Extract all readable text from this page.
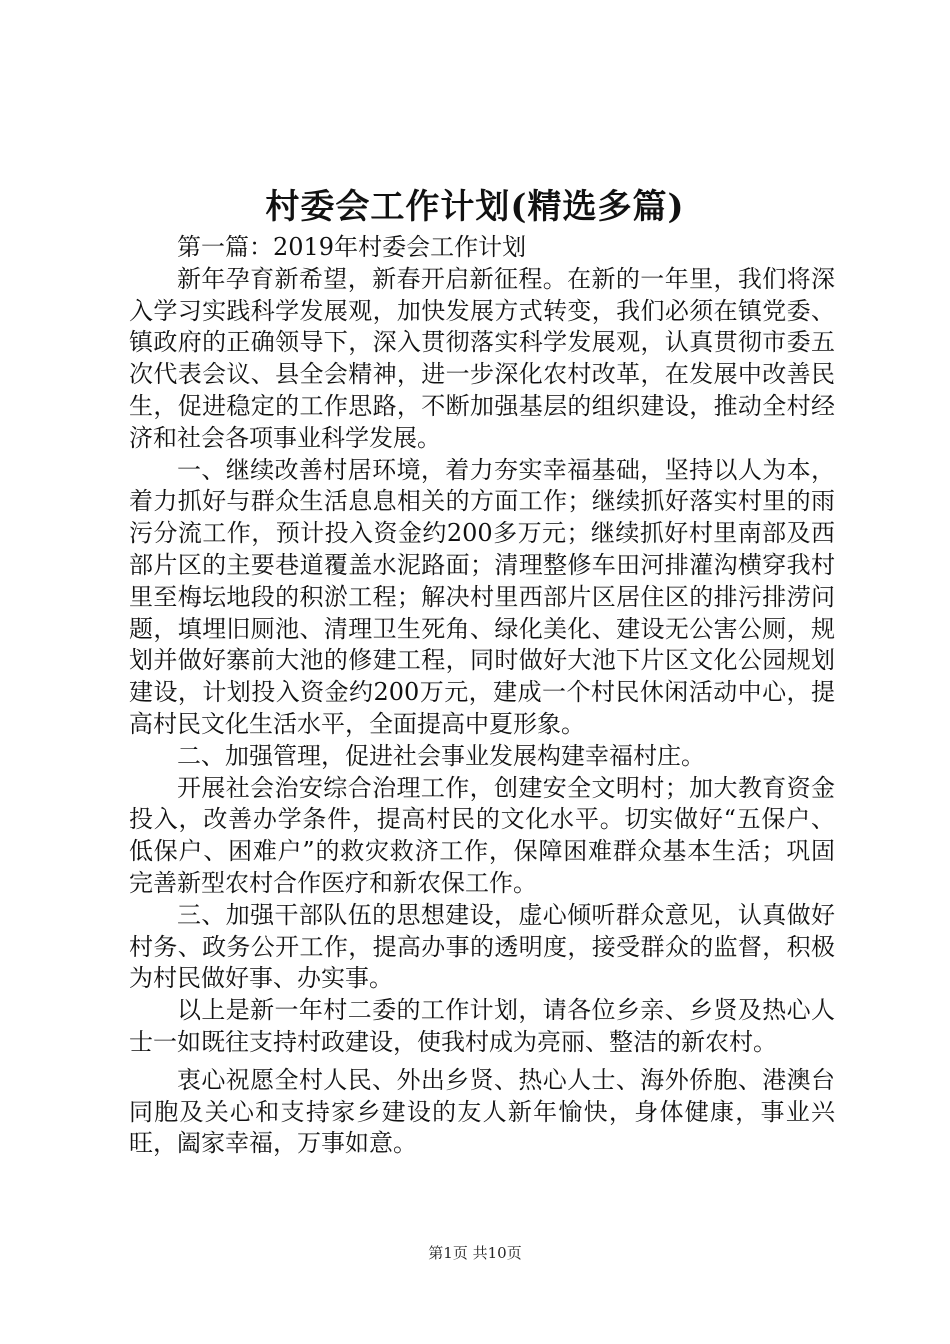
村委会工作计划(精选多篇)

第一篇：2019年村委会工作计划

新年孕育新希望，新春开启新征程。在新的一年里，我们将深入学习实践科学发展观，加快发展方式转变，我们必须在镇党委、镇政府的正确领导下，深入贯彻落实科学发展观，认真贯彻市委五次代表会议、县全会精神，进一步深化农村改革，在发展中改善民生，促进稳定的工作思路，不断加强基层的组织建设，推动全村经济和社会各项事业科学发展。

一、继续改善村居环境，着力夯实幸福基础，坚持以人为本，着力抓好与群众生活息息相关的方面工作；继续抓好落实村里的雨污分流工作，预计投入资金约200多万元；继续抓好村里南部及西部片区的主要巷道覆盖水泥路面；清理整修车田河排灌沟横穿我村里至梅坛地段的积淤工程；解决村里西部片区居住区的排污排涝问题，填埋旧厕池、清理卫生死角、绿化美化、建设无公害公厕，规划并做好寨前大池的修建工程，同时做好大池下片区文化公园规划建设，计划投入资金约200万元，建成一个村民休闲活动中心，提高村民文化生活水平，全面提高中夏形象。

二、加强管理，促进社会事业发展构建幸福村庄。

开展社会治安综合治理工作，创建安全文明村；加大教育资金投入，改善办学条件，提高村民的文化水平。切实做好“五保户、低保户、困难户”的救灾救济工作，保障困难群众基本生活；巩固完善新型农村合作医疗和新农保工作。

三、加强干部队伍的思想建设，虚心倾听群众意见，认真做好村务、政务公开工作，提高办事的透明度，接受群众的监督，积极为村民做好事、办实事。

以上是新一年村二委的工作计划，请各位乡亲、乡贤及热心人士一如既往支持村政建设，使我村成为亮丽、整洁的新农村。

衷心祝愿全村人民、外出乡贤、热心人士、海外侨胞、港澳台同胞及关心和支持家乡建设的友人新年愉快，身体健康，事业兴旺，阖家幸福，万事如意。

第1页 共10页
